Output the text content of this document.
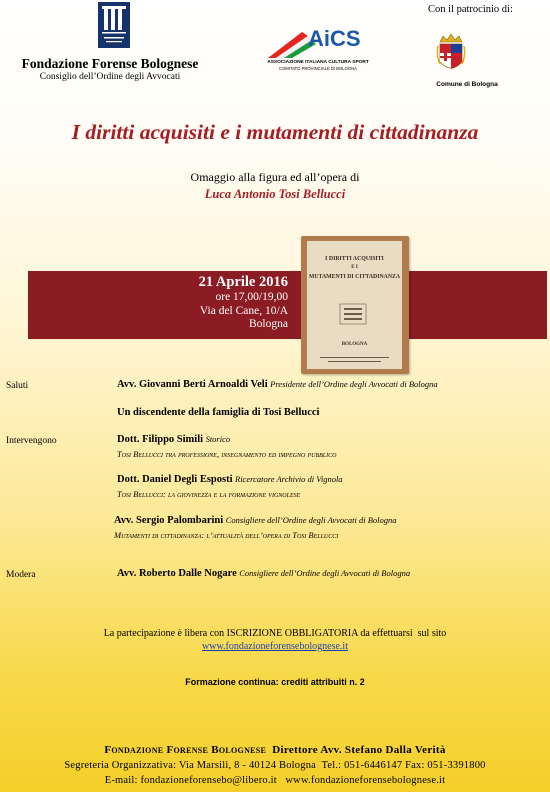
Fondazione Forense Bolognese
Consiglio dell’Ordine degli Avvocati
AiCS
ASSOCIAZIONE ITALIANA CULTURA SPORT
COMITATO PROVINCIALE DI BOLOGNA
Con il patrocinio di:
Comune di Bologna
I diritti acquisiti e i mutamenti di cittadinanza
Omaggio alla figura ed all’opera di
Luca Antonio Tosi Bellucci
21 Aprile 2016
ore 17,00/19,00
Via del Cane, 10/A
Bologna
I DIRITTI ACQUISITI
E I
MUTAMENTI DI CITTADINANZA
BOLOGNA
Saluti	Avv. Giovanni Berti Arnoaldi Veli Presidente dell’Ordine degli Avvocati di Bologna
Un discendente della famiglia di Tosi Bellucci
Intervengono	Dott. Filippo Simili Storico
Tosi Bellucci tra professione, insegnamento ed impegno pubblico
Dott. Daniel Degli Esposti Ricercatore Archivio di Vignola
Tosi Bellucci: la giovinezza e la formazione vignolese
Avv. Sergio Palombarini Consigliere dell’Ordine degli Avvocati di Bologna
Mutamenti di cittadinanza: l’attualità dell’opera di Tosi Bellucci
Modera	Avv. Roberto Dalle Nogare Consigliere dell’Ordine degli Avvocati di Bologna
La partecipazione è libera con ISCRIZIONE OBBLIGATORIA da effettuarsi  sul sito
www.fondazioneforensebolognese.it
Formazione continua: crediti attribuiti n. 2
Fondazione Forense Bolognese Direttore Avv. Stefano Dalla Verità
Segreteria Organizzativa: Via Marsili, 8 - 40124 Bologna  Tel.: 051-6446147 Fax: 051-3391800
E-mail: fondazioneforensebo@libero.it   www.fondazioneforensebolognese.it
